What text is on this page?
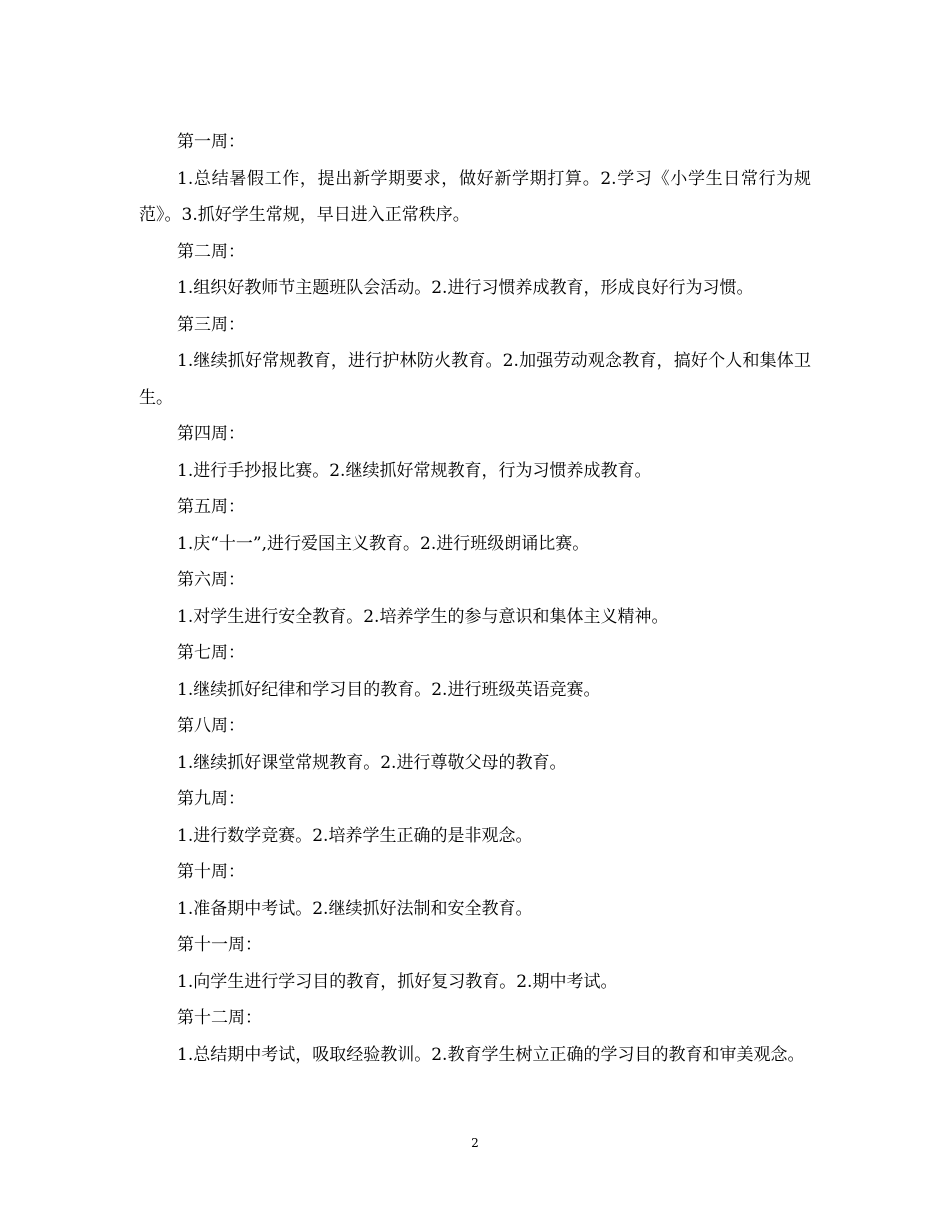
第一周：

1.总结暑假工作，提出新学期要求，做好新学期打算。2.学习《小学生日常行为规范》。3.抓好学生常规，早日进入正常秩序。

第二周：

1.组织好教师节主题班队会活动。2.进行习惯养成教育，形成良好行为习惯。

第三周：

1.继续抓好常规教育，进行护林防火教育。2.加强劳动观念教育，搞好个人和集体卫生。

第四周：

1.进行手抄报比赛。2.继续抓好常规教育，行为习惯养成教育。

第五周：

1.庆“十一”,进行爱国主义教育。2.进行班级朗诵比赛。

第六周：

1.对学生进行安全教育。2.培养学生的参与意识和集体主义精神。

第七周：

1.继续抓好纪律和学习目的教育。2.进行班级英语竞赛。

第八周：

1.继续抓好课堂常规教育。2.进行尊敬父母的教育。

第九周：

1.进行数学竞赛。2.培养学生正确的是非观念。

第十周：

1.准备期中考试。2.继续抓好法制和安全教育。

第十一周：

1.向学生进行学习目的教育，抓好复习教育。2.期中考试。

第十二周：

1.总结期中考试，吸取经验教训。2.教育学生树立正确的学习目的教育和审美观念。

2
